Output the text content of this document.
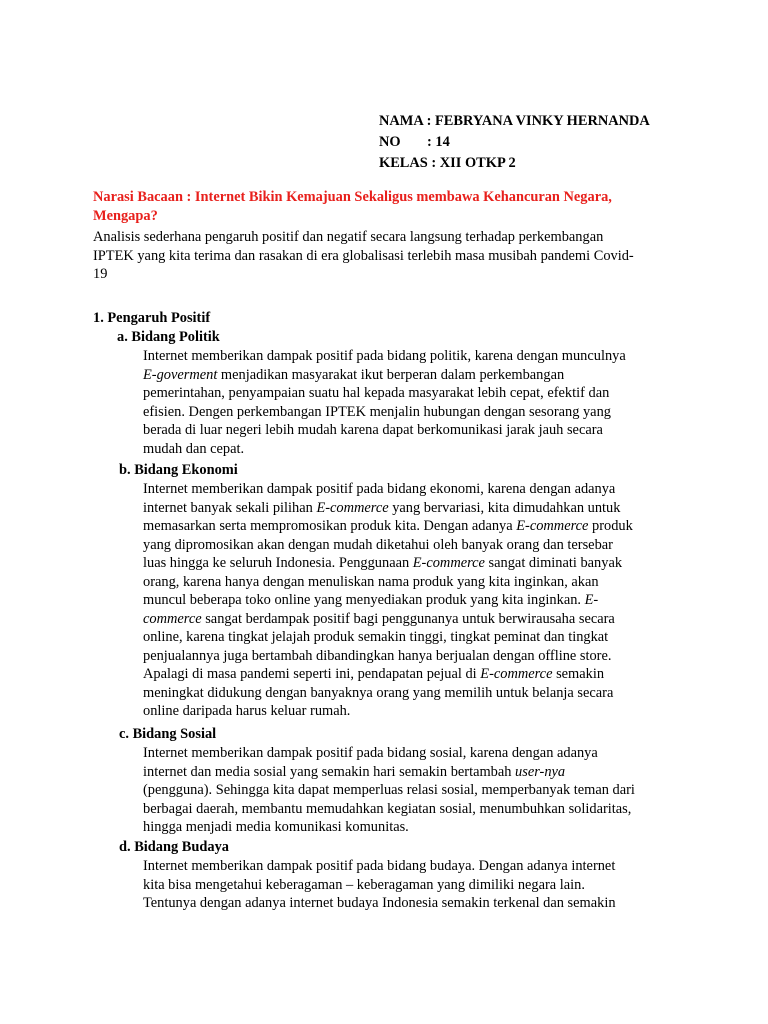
NAMA : FEBRYANA VINKY HERNANDA
NO : 14
KELAS : XII OTKP 2
Narasi Bacaan : Internet Bikin Kemajuan Sekaligus membawa Kehancuran Negara,
Mengapa?
Analisis sederhana pengaruh positif dan negatif secara langsung terhadap perkembangan
IPTEK yang kita terima dan rasakan di era globalisasi terlebih masa musibah pandemi Covid-
19
1. Pengaruh Positif
a. Bidang Politik
Internet memberikan dampak positif pada bidang politik, karena dengan munculnya
E-goverment menjadikan masyarakat ikut berperan dalam perkembangan
pemerintahan, penyampaian suatu hal kepada masyarakat lebih cepat, efektif dan
efisien. Dengen perkembangan IPTEK menjalin hubungan dengan sesorang yang
berada di luar negeri lebih mudah karena dapat berkomunikasi jarak jauh secara
mudah dan cepat.
b. Bidang Ekonomi
Internet memberikan dampak positif pada bidang ekonomi, karena dengan adanya
internet banyak sekali pilihan E-commerce yang bervariasi, kita dimudahkan untuk
memasarkan serta mempromosikan produk kita. Dengan adanya E-commerce produk
yang dipromosikan akan dengan mudah diketahui oleh banyak orang dan tersebar
luas hingga ke seluruh Indonesia. Penggunaan E-commerce sangat diminati banyak
orang, karena hanya dengan menuliskan nama produk yang kita inginkan, akan
muncul beberapa toko online yang menyediakan produk yang kita inginkan. E-
commerce sangat berdampak positif bagi penggunanya untuk berwirausaha secara
online, karena tingkat jelajah produk semakin tinggi, tingkat peminat dan tingkat
penjualannya juga bertambah dibandingkan hanya berjualan dengan offline store.
Apalagi di masa pandemi seperti ini, pendapatan pejual di E-commerce semakin
meningkat didukung dengan banyaknya orang yang memilih untuk belanja secara
online daripada harus keluar rumah.
c. Bidang Sosial
Internet memberikan dampak positif pada bidang sosial, karena dengan adanya
internet dan media sosial yang semakin hari semakin bertambah user-nya
(pengguna). Sehingga kita dapat memperluas relasi sosial, memperbanyak teman dari
berbagai daerah, membantu memudahkan kegiatan sosial, menumbuhkan solidaritas,
hingga menjadi media komunikasi komunitas.
d. Bidang Budaya
Internet memberikan dampak positif pada bidang budaya. Dengan adanya internet
kita bisa mengetahui keberagaman – keberagaman yang dimiliki negara lain.
Tentunya dengan adanya internet budaya Indonesia semakin terkenal dan semakin
